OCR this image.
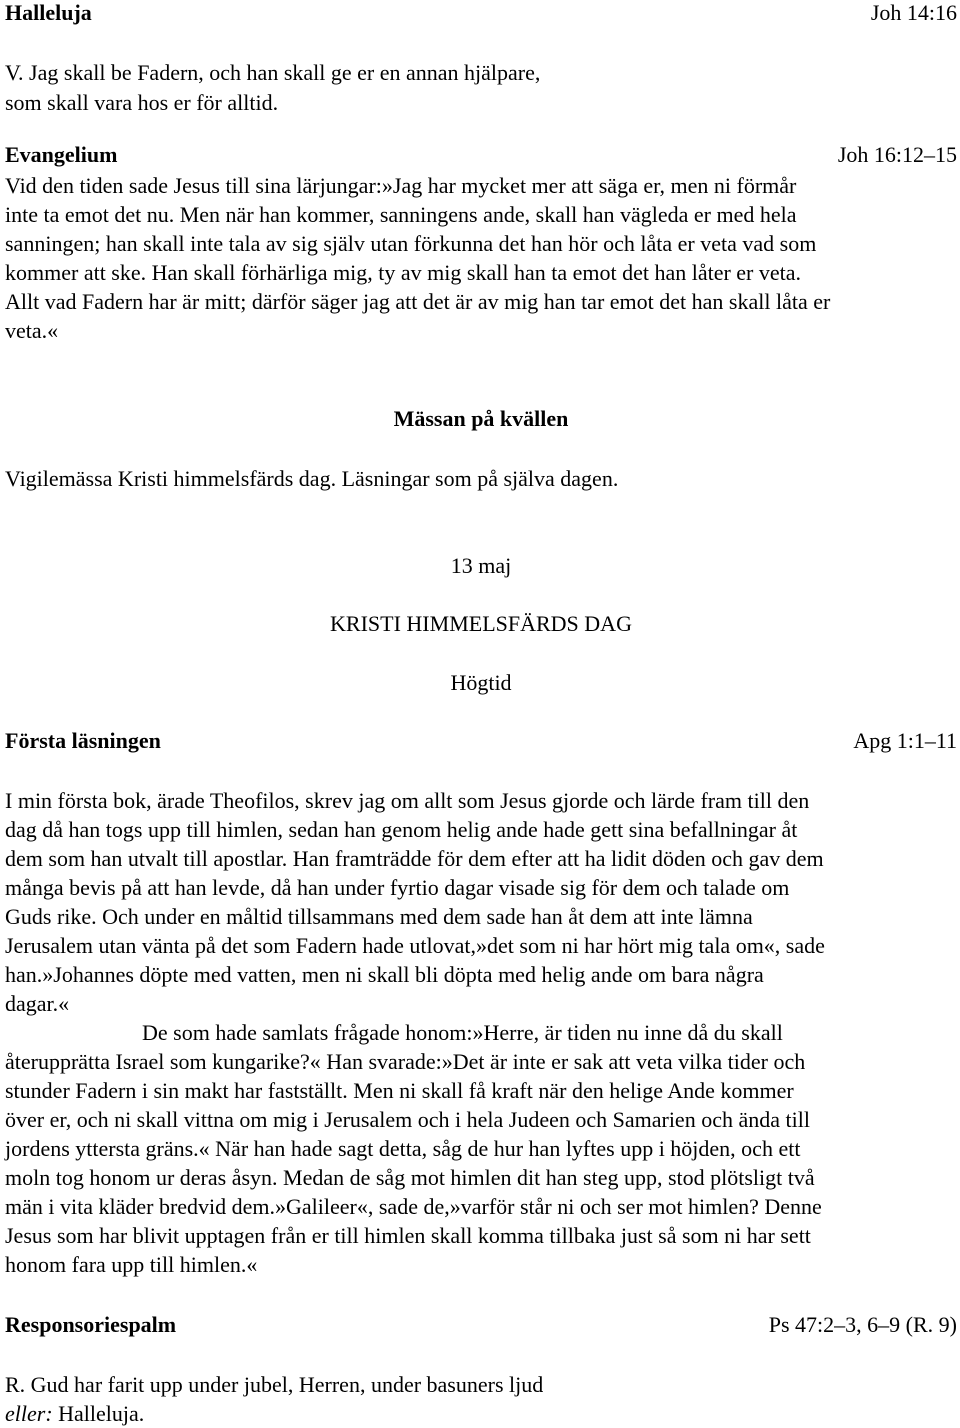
Halleluja	Joh 14:16
V. Jag skall be Fadern, och han skall ge er en annan hjälpare,
som skall vara hos er för alltid.
Evangelium	Joh 16:12–15
Vid den tiden sade Jesus till sina lärjungar:»Jag har mycket mer att säga er, men ni förmår
inte ta emot det nu. Men när han kommer, sanningens ande, skall han vägleda er med hela
sanningen; han skall inte tala av sig själv utan förkunna det han hör och låta er veta vad som
kommer att ske. Han skall förhärliga mig, ty av mig skall han ta emot det han låter er veta.
Allt vad Fadern har är mitt; därför säger jag att det är av mig han tar emot det han skall låta er
veta.«
Mässan på kvällen
Vigilemässa Kristi himmelsfärds dag. Läsningar som på själva dagen.
13 maj
KRISTI HIMMELSFÄRDS DAG
Högtid
Första läsningen	Apg 1:1–11
I min första bok, ärade Theofilos, skrev jag om allt som Jesus gjorde och lärde fram till den
dag då han togs upp till himlen, sedan han genom helig ande hade gett sina befallningar åt
dem som han utvalt till apostlar. Han framträdde för dem efter att ha lidit döden och gav dem
många bevis på att han levde, då han under fyrtio dagar visade sig för dem och talade om
Guds rike. Och under en måltid tillsammans med dem sade han åt dem att inte lämna
Jerusalem utan vänta på det som Fadern hade utlovat,»det som ni har hört mig tala om«, sade
han.»Johannes döpte med vatten, men ni skall bli döpta med helig ande om bara några
dagar.«
De som hade samlats frågade honom:»Herre, är tiden nu inne då du skall
återupprätta Israel som kungarike?« Han svarade:»Det är inte er sak att veta vilka tider och
stunder Fadern i sin makt har fastställt. Men ni skall få kraft när den helige Ande kommer
över er, och ni skall vittna om mig i Jerusalem och i hela Judeen och Samarien och ända till
jordens yttersta gräns.« När han hade sagt detta, såg de hur han lyftes upp i höjden, och ett
moln tog honom ur deras åsyn. Medan de såg mot himlen dit han steg upp, stod plötsligt två
män i vita kläder bredvid dem.»Galileer«, sade de,»varför står ni och ser mot himlen? Denne
Jesus som har blivit upptagen från er till himlen skall komma tillbaka just så som ni har sett
honom fara upp till himlen.«
Responsoriespalm	Ps 47:2–3, 6–9 (R. 9)
R. Gud har farit upp under jubel, Herren, under basuners ljud
eller: Halleluja.
